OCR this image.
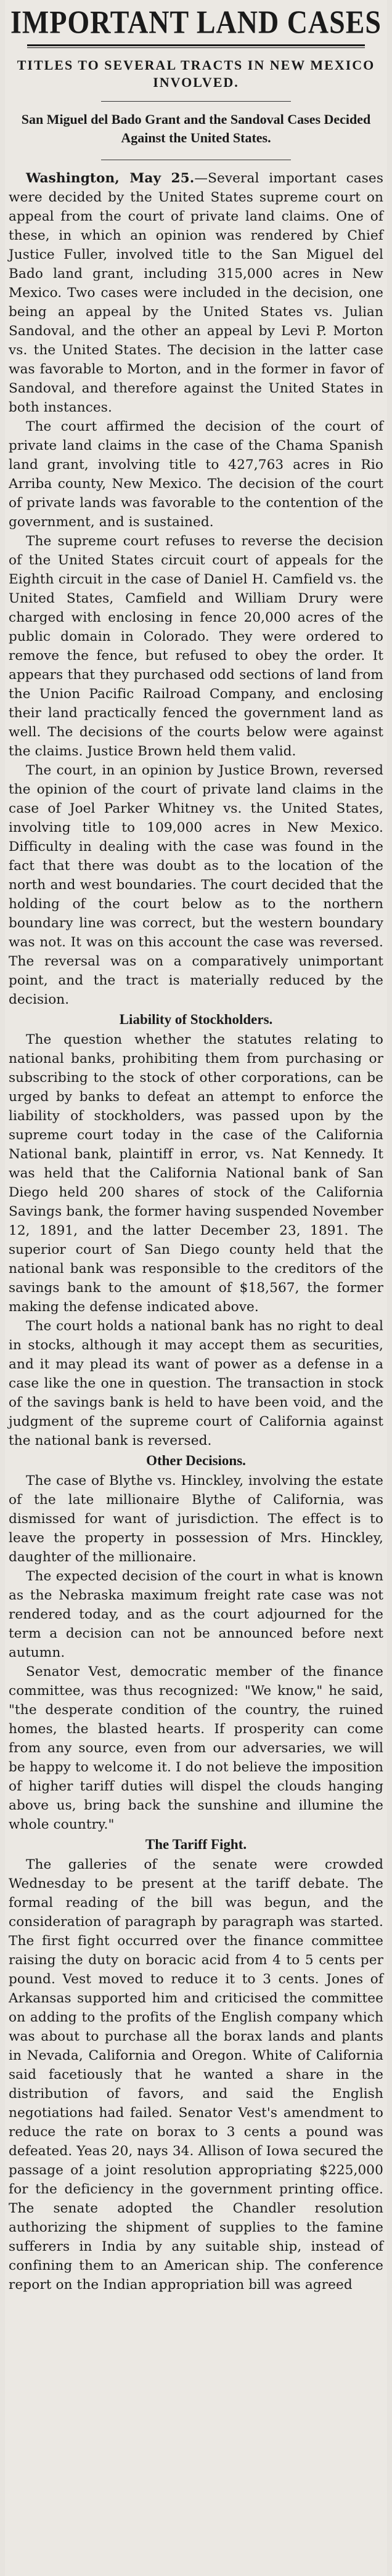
IMPORTANT LAND CASES
TITLES TO SEVERAL TRACTS IN NEW MEXICO INVOLVED.
San Miguel del Bado Grant and the Sandoval Cases Decided Against the United States.

Washington, May 25.—Several important cases were decided by the United States supreme court on appeal from the court of private land claims. One of these, in which an opinion was rendered by Chief Justice Fuller, involved title to the San Miguel del Bado land grant, including 315,000 acres in New Mexico. Two cases were included in the decision, one being an appeal by the United States vs. Julian Sandoval, and the other an appeal by Levi P. Morton vs. the United States. The decision in the latter case was favorable to Morton, and in the former in favor of Sandoval, and therefore against the United States in both instances.

The court affirmed the decision of the court of private land claims in the case of the Chama Spanish land grant, involving title to 427,763 acres in Rio Arriba county, New Mexico. The decision of the court of private lands was favorable to the contention of the government, and is sustained.

The supreme court refuses to reverse the decision of the United States circuit court of appeals for the Eighth circuit in the case of Daniel H. Camfield vs. the United States, Camfield and William Drury were charged with enclosing in fence 20,000 acres of the public domain in Colorado. They were ordered to remove the fence, but refused to obey the order. It appears that they purchased odd sections of land from the Union Pacific Railroad Company, and enclosing their land practically fenced the government land as well. The decisions of the courts below were against the claims. Justice Brown held them valid.

The court, in an opinion by Justice Brown, reversed the opinion of the court of private land claims in the case of Joel Parker Whitney vs. the United States, involving title to 109,000 acres in New Mexico. Difficulty in dealing with the case was found in the fact that there was doubt as to the location of the north and west boundaries. The court decided that the holding of the court below as to the northern boundary line was correct, but the western boundary was not. It was on this account the case was reversed. The reversal was on a comparatively unimportant point, and the tract is materially reduced by the decision.

Liability of Stockholders.

The question whether the statutes relating to national banks, prohibiting them from purchasing or subscribing to the stock of other corporations, can be urged by banks to defeat an attempt to enforce the liability of stockholders, was passed upon by the supreme court today in the case of the California National bank, plaintiff in error, vs. Nat Kennedy. It was held that the California National bank of San Diego held 200 shares of stock of the California Savings bank, the former having suspended November 12, 1891, and the latter December 23, 1891. The superior court of San Diego county held that the national bank was responsible to the creditors of the savings bank to the amount of $18,567, the former making the defense indicated above.

The court holds a national bank has no right to deal in stocks, although it may accept them as securities, and it may plead its want of power as a defense in a case like the one in question. The transaction in stock of the savings bank is held to have been void, and the judgment of the supreme court of California against the national bank is reversed.

Other Decisions.

The case of Blythe vs. Hinckley, involving the estate of the late millionaire Blythe of California, was dismissed for want of jurisdiction. The effect is to leave the property in possession of Mrs. Hinckley, daughter of the millionaire.

The expected decision of the court in what is known as the Nebraska maximum freight rate case was not rendered today, and as the court adjourned for the term a decision can not be announced before next autumn.

Senator Vest, democratic member of the finance committee, was thus recognized: "We know," he said, "the desperate condition of the country, the ruined homes, the blasted hearts. If prosperity can come from any source, even from our adversaries, we will be happy to welcome it. I do not believe the imposition of higher tariff duties will dispel the clouds hanging above us, bring back the sunshine and illumine the whole country."

The Tariff Fight.

The galleries of the senate were crowded Wednesday to be present at the tariff debate. The formal reading of the bill was begun, and the consideration of paragraph by paragraph was started. The first fight occurred over the finance committee raising the duty on boracic acid from 4 to 5 cents per pound. Vest moved to reduce it to 3 cents. Jones of Arkansas supported him and criticised the committee on adding to the profits of the English company which was about to purchase all the borax lands and plants in Nevada, California and Oregon. White of California said facetiously that he wanted a share in the distribution of favors, and said the English negotiations had failed. Senator Vest's amendment to reduce the rate on borax to 3 cents a pound was defeated. Yeas 20, nays 34. Allison of Iowa secured the passage of a joint resolution appropriating $225,000 for the deficiency in the government printing office. The senate adopted the Chandler resolution authorizing the shipment of supplies to the famine sufferers in India by any suitable ship, instead of confining them to an American ship. The conference report on the Indian appropriation bill was agreed
